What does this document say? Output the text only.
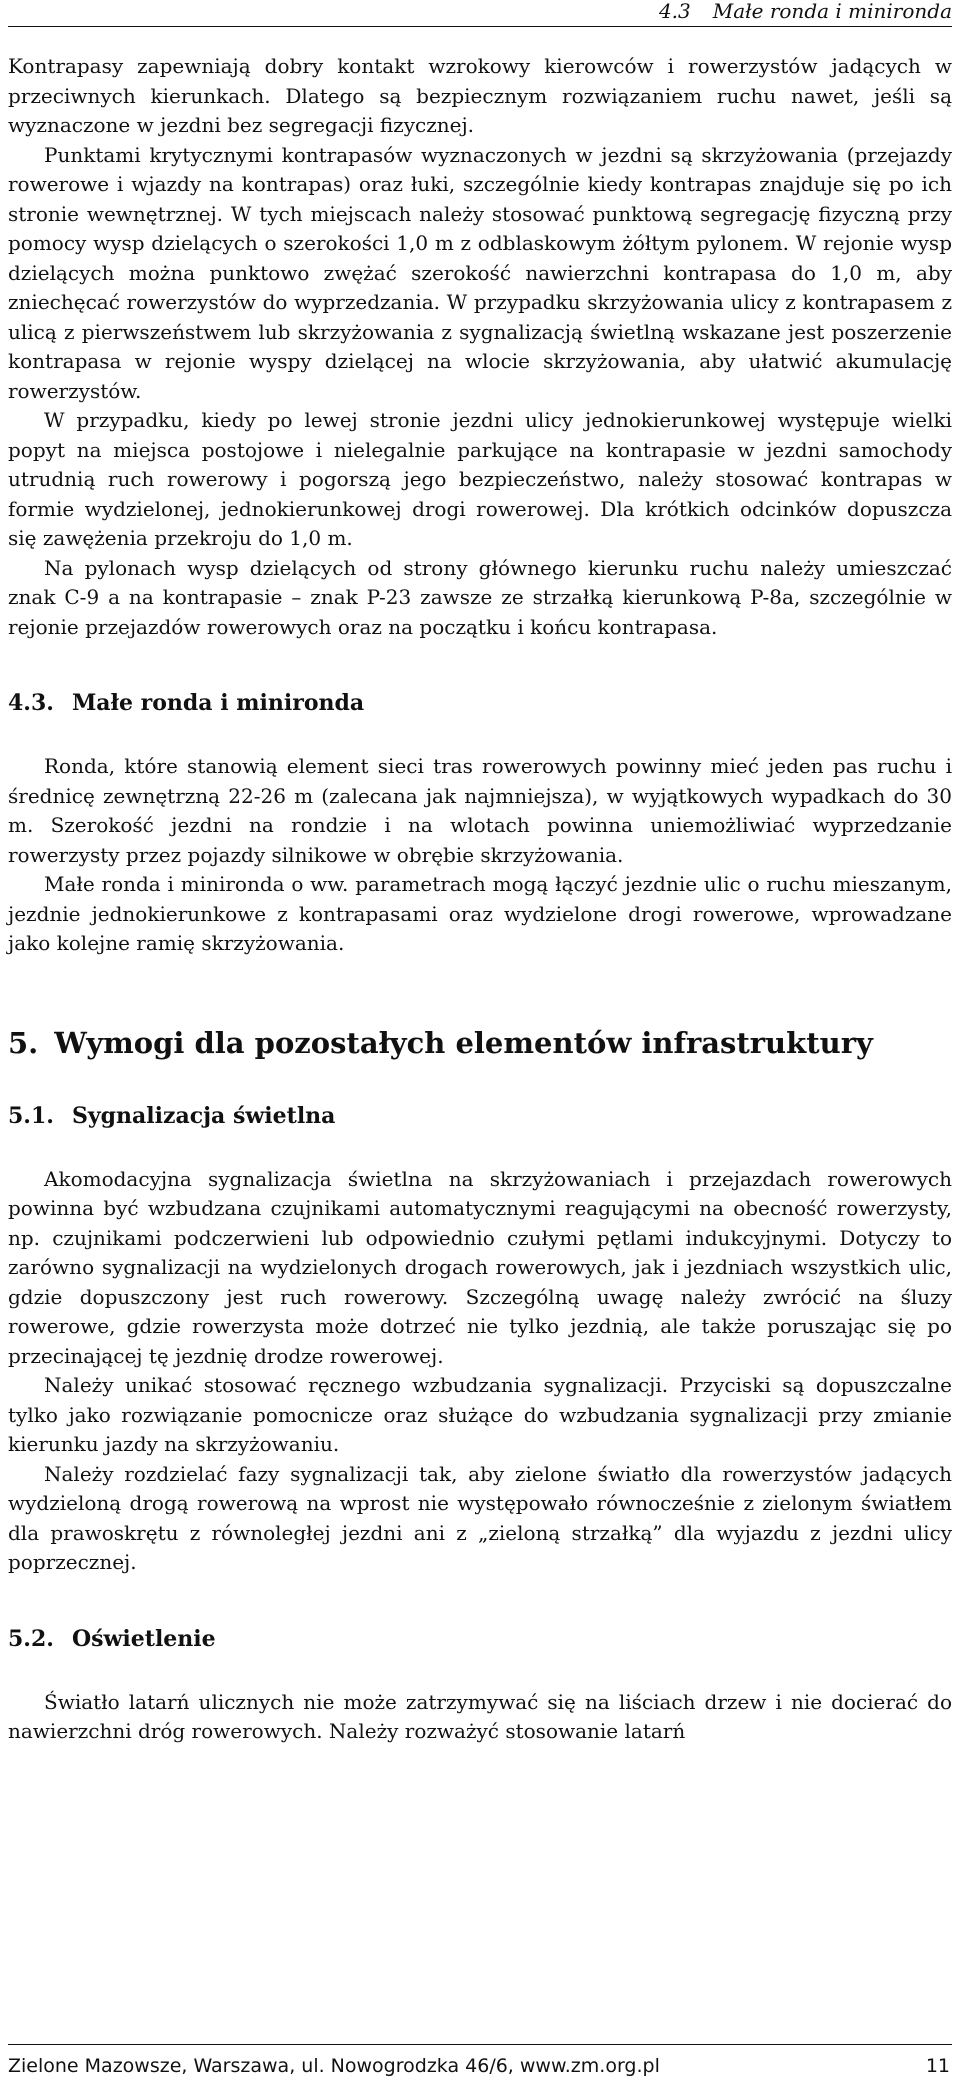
4.3 Małe ronda i minironda

Kontrapasy zapewniają dobry kontakt wzrokowy kierowców i rowerzystów jadących w przeciwnych kierunkach. Dlatego są bezpiecznym rozwiązaniem ruchu nawet, jeśli są wyznaczone w jezdni bez segregacji fizycznej.

Punktami krytycznymi kontrapasów wyznaczonych w jezdni są skrzyżowania (przejazdy rowerowe i wjazdy na kontrapas) oraz łuki, szczególnie kiedy kontrapas znajduje się po ich stronie wewnętrznej. W tych miejscach należy stosować punktową segregację fizyczną przy pomocy wysp dzielących o szerokości 1,0 m z odblaskowym żółtym pylonem. W rejonie wysp dzielących można punktowo zwężać szerokość nawierzchni kontrapasa do 1,0 m, aby zniechęcać rowerzystów do wyprzedzania. W przypadku skrzyżowania ulicy z kontrapasem z ulicą z pierwszeństwem lub skrzyżowania z sygnalizacją świetlną wskazane jest poszerzenie kontrapasa w rejonie wyspy dzielącej na wlocie skrzyżowania, aby ułatwić akumulację rowerzystów.

W przypadku, kiedy po lewej stronie jezdni ulicy jednokierunkowej występuje wielki popyt na miejsca postojowe i nielegalnie parkujące na kontrapasie w jezdni samochody utrudnią ruch rowerowy i pogorszą jego bezpieczeństwo, należy stosować kontrapas w formie wydzielonej, jednokierunkowej drogi rowerowej. Dla krótkich odcinków dopuszcza się zawężenia przekroju do 1,0 m.

Na pylonach wysp dzielących od strony głównego kierunku ruchu należy umieszczać znak C-9 a na kontrapasie – znak P-23 zawsze ze strzałką kierunkową P-8a, szczególnie w rejonie przejazdów rowerowych oraz na początku i końcu kontrapasa.

4.3. Małe ronda i minironda

Ronda, które stanowią element sieci tras rowerowych powinny mieć jeden pas ruchu i średnicę zewnętrzną 22-26 m (zalecana jak najmniejsza), w wyjątkowych wypadkach do 30 m. Szerokość jezdni na rondzie i na wlotach powinna uniemożliwiać wyprzedzanie rowerzysty przez pojazdy silnikowe w obrębie skrzyżowania.

Małe ronda i minironda o ww. parametrach mogą łączyć jezdnie ulic o ruchu mieszanym, jezdnie jednokierunkowe z kontrapasami oraz wydzielone drogi rowerowe, wprowadzane jako kolejne ramię skrzyżowania.

5. Wymogi dla pozostałych elementów infrastruktury
5.1. Sygnalizacja świetlna

Akomodacyjna sygnalizacja świetlna na skrzyżowaniach i przejazdach rowerowych powinna być wzbudzana czujnikami automatycznymi reagującymi na obecność rowerzysty, np. czujnikami podczerwieni lub odpowiednio czułymi pętlami indukcyjnymi. Dotyczy to zarówno sygnalizacji na wydzielonych drogach rowerowych, jak i jezdniach wszystkich ulic, gdzie dopuszczony jest ruch rowerowy. Szczególną uwagę należy zwrócić na śluzy rowerowe, gdzie rowerzysta może dotrzeć nie tylko jezdnią, ale także poruszając się po przecinającej tę jezdnię drodze rowerowej.

Należy unikać stosować ręcznego wzbudzania sygnalizacji. Przyciski są dopuszczalne tylko jako rozwiązanie pomocnicze oraz służące do wzbudzania sygnalizacji przy zmianie kierunku jazdy na skrzyżowaniu.

Należy rozdzielać fazy sygnalizacji tak, aby zielone światło dla rowerzystów jadących wydzieloną drogą rowerową na wprost nie występowało równocześnie z zielonym światłem dla prawoskrętu z równoległej jezdni ani z „zieloną strzałką” dla wyjazdu z jezdni ulicy poprzecznej.

5.2. Oświetlenie

Światło latarń ulicznych nie może zatrzymywać się na liściach drzew i nie docierać do nawierzchni dróg rowerowych. Należy rozważyć stosowanie latarń

Zielone Mazowsze, Warszawa, ul. Nowogrodzka 46/6, www.zm.org.pl	11
